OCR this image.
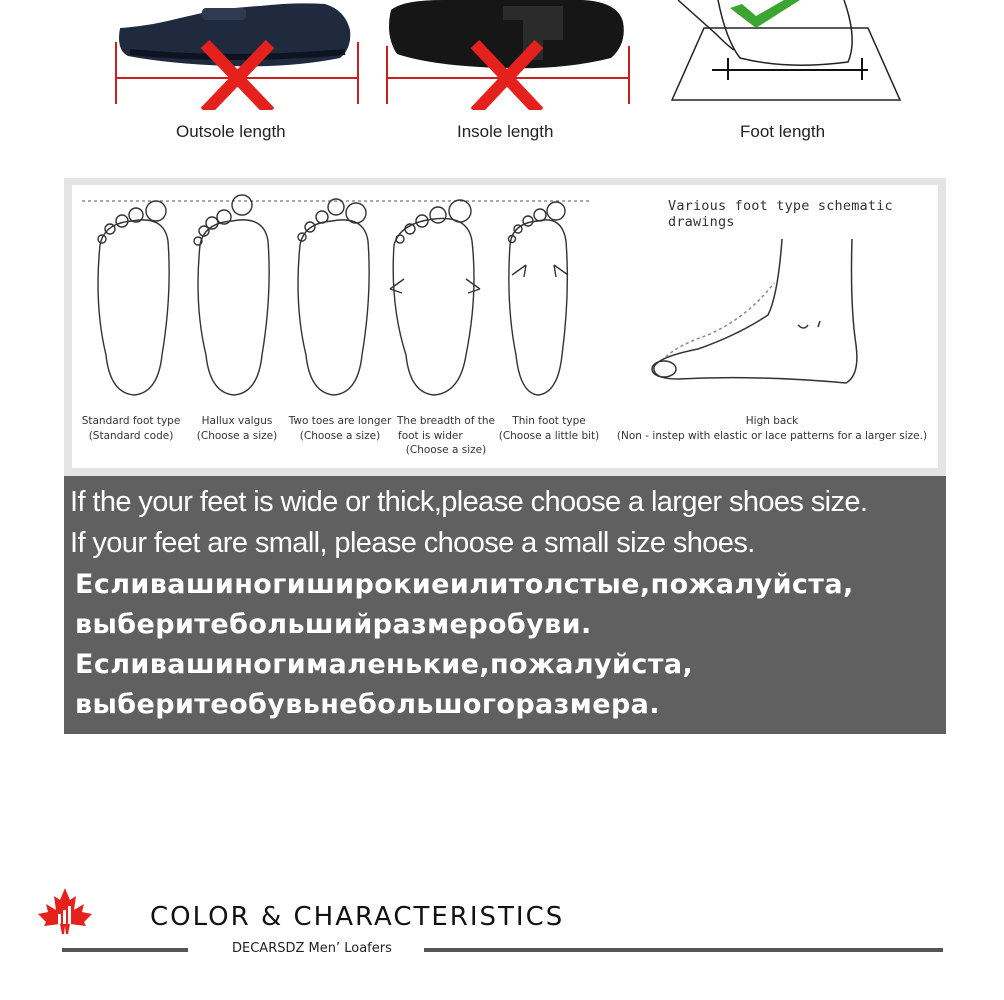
Outsole length	Insole length	Foot length
Various foot type schematic drawings
Standard foot type
(Standard code)
Hallux valgus
(Choose a size)
Two toes are longer
(Choose a size)
The breadth of the
foot is wider
(Choose a size)
Thin foot type
(Choose a little bit)
High back
(Non - instep with elastic or lace patterns for a larger size.)
If the your feet is wide or thick,please choose a larger shoes size.
If your feet are small, please choose a small size shoes.
Есливашиногиширокиеилитолстые,пожалуйста,
выберитебольшийразмеробуви.
Есливашиногималенькие,пожалуйста,
выберитеобувьнебольшогоразмера.
COLOR & CHARACTERISTICS
DECARSDZ Men’ Loafers
